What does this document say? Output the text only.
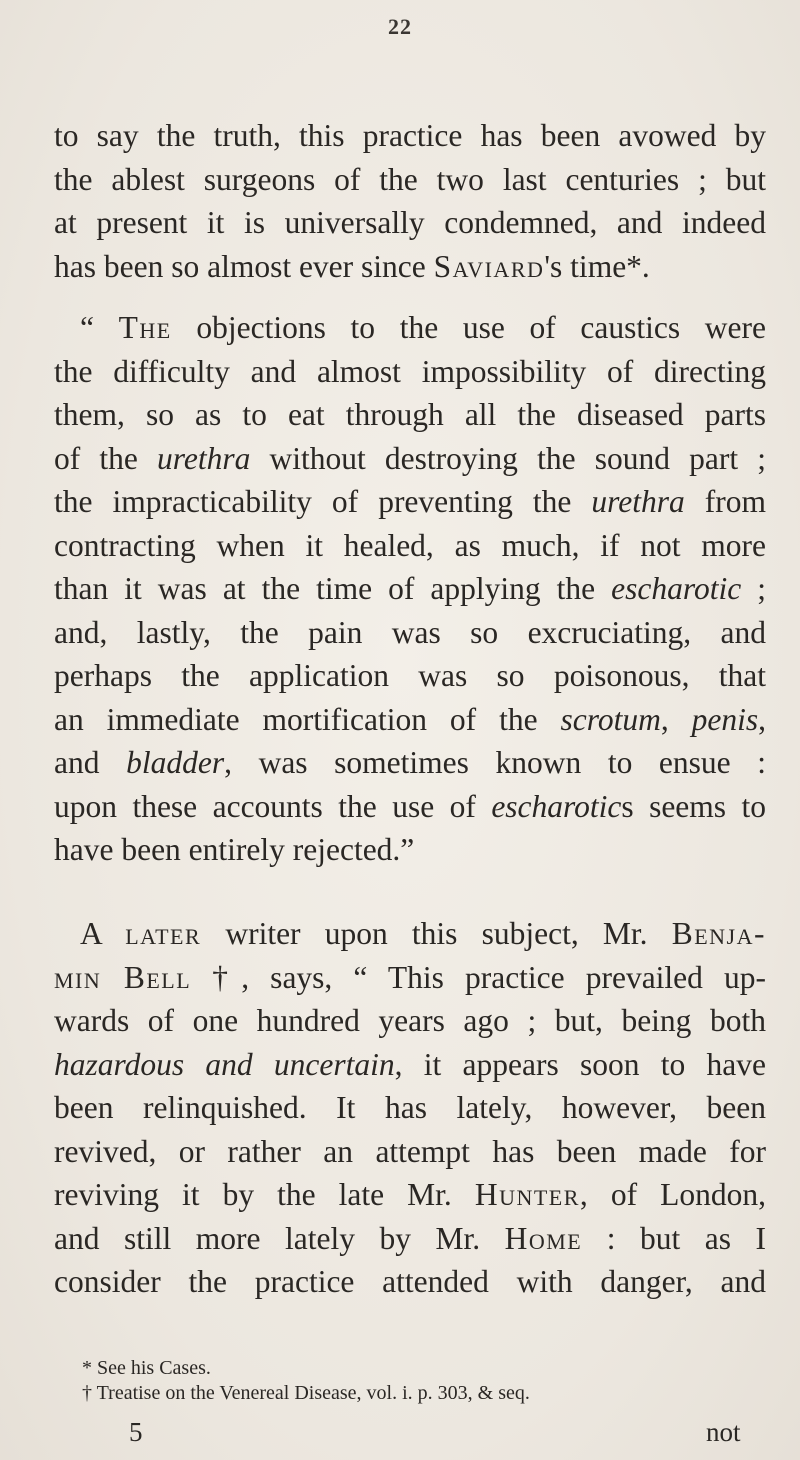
22
to say the truth, this practice has been avowed by
the ablest surgeons of the two last centuries ; but
at present it is universally condemned, and indeed
has been so almost ever since Saviard's time*.
“ The objections to the use of caustics were
the difficulty and almost impossibility of directing
them, so as to eat through all the diseased parts
of the urethra without destroying the sound part ;
the impracticability of preventing the urethra from
contracting when it healed, as much, if not more
than it was at the time of applying the escharotic ;
and, lastly, the pain was so excruciating, and
perhaps the application was so poisonous, that
an immediate mortification of the scrotum, penis,
and bladder, was sometimes known to ensue :
upon these accounts the use of escharotics seems to
have been entirely rejected.”
A later writer upon this subject, Mr. Benja-
min Bell †, says, “ This practice prevailed up-
wards of one hundred years ago ; but, being both
hazardous and uncertain, it appears soon to have
been relinquished. It has lately, however, been
revived, or rather an attempt has been made for
reviving it by the late Mr. Hunter, of London,
and still more lately by Mr. Home : but as I
consider the practice attended with danger, and
* See his Cases.
† Treatise on the Venereal Disease, vol. i. p. 303, & seq.
5	not
